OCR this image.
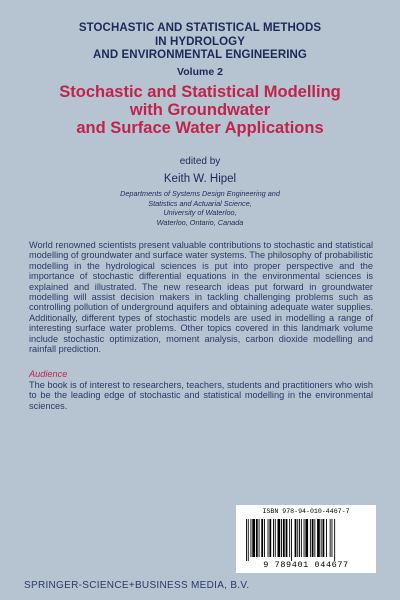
STOCHASTIC AND STATISTICAL METHODS
IN HYDROLOGY
AND ENVIRONMENTAL ENGINEERING
Volume 2
Stochastic and Statistical Modelling
with Groundwater
and Surface Water Applications
edited by
Keith W. Hipel
Departments of Systems Design Engineering and
Statistics and Actuarial Science,
University of Waterloo,
Waterloo, Ontario, Canada
World renowned scientists present valuable contributions to stochastic and statistical modelling of groundwater and surface water systems. The philosophy of probabilistic modelling in the hydrological sciences is put into proper perspective and the importance of stochastic differential equations in the environmental sciences is explained and illustrated. The new research ideas put forward in groundwater modelling will assist decision makers in tackling challenging problems such as controlling pollution of underground aquifers and obtaining adequate water supplies. Additionally, different types of stochastic models are used in modelling a range of interesting surface water problems. Other topics covered in this landmark volume include stochastic optimization, moment analysis, carbon dioxide modelling and rainfall prediction.
Audience
The book is of interest to researchers, teachers, students and practitioners who wish to be the leading edge of stochastic and statistical modelling in the environmental sciences.
ISBN 978-94-010-4467-7
9 789401 044677
SPRINGER-SCIENCE+BUSINESS MEDIA, B.V.
